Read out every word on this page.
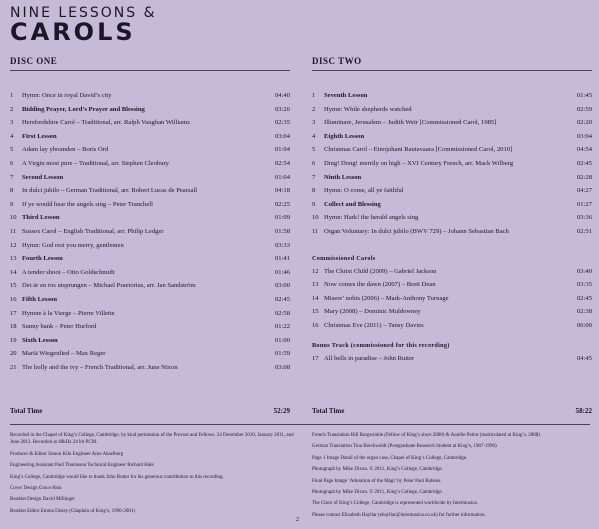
NINE LESSONS &
CAROLS
DISC ONE
1	Hymn: Once in royal David’s city	04:40
2	Bidding Prayer, Lord’s Prayer and Blessing	03:26
3	Herefordshire Carol – Traditional, arr. Ralph Vaughan Williams	02:35
4	First Lesson	03:04
5	Adam lay ybounden – Boris Ord	01:04
6	A Virgin most pure – Traditional, arr. Stephen Cleobury	02:54
7	Second Lesson	01:04
8	In dulci jubilo – German Traditional, arr. Robert Lucas de Pearsall	04:18
9	If ye would hear the angels sing – Peter Tranchell	02:25
10 Third Lesson	01:09
11 Sussex Carol – English Traditional, arr. Philip Ledger	01:58
12 Hymn: God rest you merry, gentlemen	03:33
13 Fourth Lesson	01:41
14 A tender shoot – Otto Goldschmidt	01:46
15 Det är en ros utsprungen – Michael Praetorius, arr. Jan Sandström	03:00
16 Fifth Lesson	02:45
17 Hymne à la Vierge – Pierre Villette	02:58
18 Sunny bank – Peter Hurford	01:22
19 Sixth Lesson	01:00
20 Mariä Wiegenlied – Max Reger	01:59
21 The holly and the ivy – French Traditional, arr. June Nixon	03:08
DISC TWO
1	Seventh Lesson	01:45
2	Hymn: While shepherds watched	02:59
3	Illuminare, Jerusalem – Judith Weir [Commissioned Carol, 1985]	02:20
4	Eighth Lesson	03:04
5	Christmas Carol – Einojuhani Rautavaara [Commissioned Carol, 2010]	04:54
6	Ding! Dong! merrily on high – XVI Century French, arr. Mack Wilberg	02:45
7	Ninth Lesson	02:28
8	Hymn: O come, all ye faithful	04:27
9	Collect and Blessing	01:27
10 Hymn: Hark! the herald angels sing	03:36
11 Organ Voluntary: In dulci jubilo (BWV 729) – Johann Sebastian Bach	02:51
Commissioned Carols
12 The Christ Child (2009) – Gabriel Jackson	03:40
13 Now comes the dawn (2007) – Brett Dean	03:35
14 Misere’ nobis (2006) – Mark-Anthony Turnage	02:45
15 Mary (2008) – Dominic Muldowney	02:38
16 Christmas Eve (2011) – Tansy Davies	06:00
Bonus Track (commissioned for this recording)
17 All bells in paradise – John Rutter	04:45
Total Time	52:29	Total Time	58:22

Recorded in the Chapel of King’s College, Cambridge, by kind permission of the Provost and Fellows. 24 December 2010, January 2011, and June 2012. Recorded at 48kHz 24 bit PCM.

Producer & Editor Simon Kiln Engineer Arne Akselberg

Engineering Assistant Paul Thomason Technical Engineer Richard Hale

King’s College, Cambridge would like to thank John Rutter for his generous contribution to this recording.

Cover Design Grace Hsiu

Booklet Design David Millinger

Booklet Editor Emma Disley (Chaplain of King’s, 1996-2001)

French Translation Bill Burgwinkle (Fellow of King’s since 2000) & Aurélie Petiot (matriculated at King’s, 2008)

German Translation Tina Breckwoldt (Postgraduate Research Student at King’s, 1987-1990)

Page 1 Image Detail of the organ case, Chapel of King’s College, Cambridge.

Photograph by Mike Dixon. © 2011, King’s College, Cambridge.

Final Page Image ‘Adoration of the Magi’ by Peter Paul Rubens.

Photograph by Mike Dixon. © 2011, King’s College, Cambridge.

The Choir of King’s College, Cambridge is represented worldwide by Intermusica.

Please contact Elizabeth Hayllar (ehayllar@intermusica.co.uk) for further information.

2
